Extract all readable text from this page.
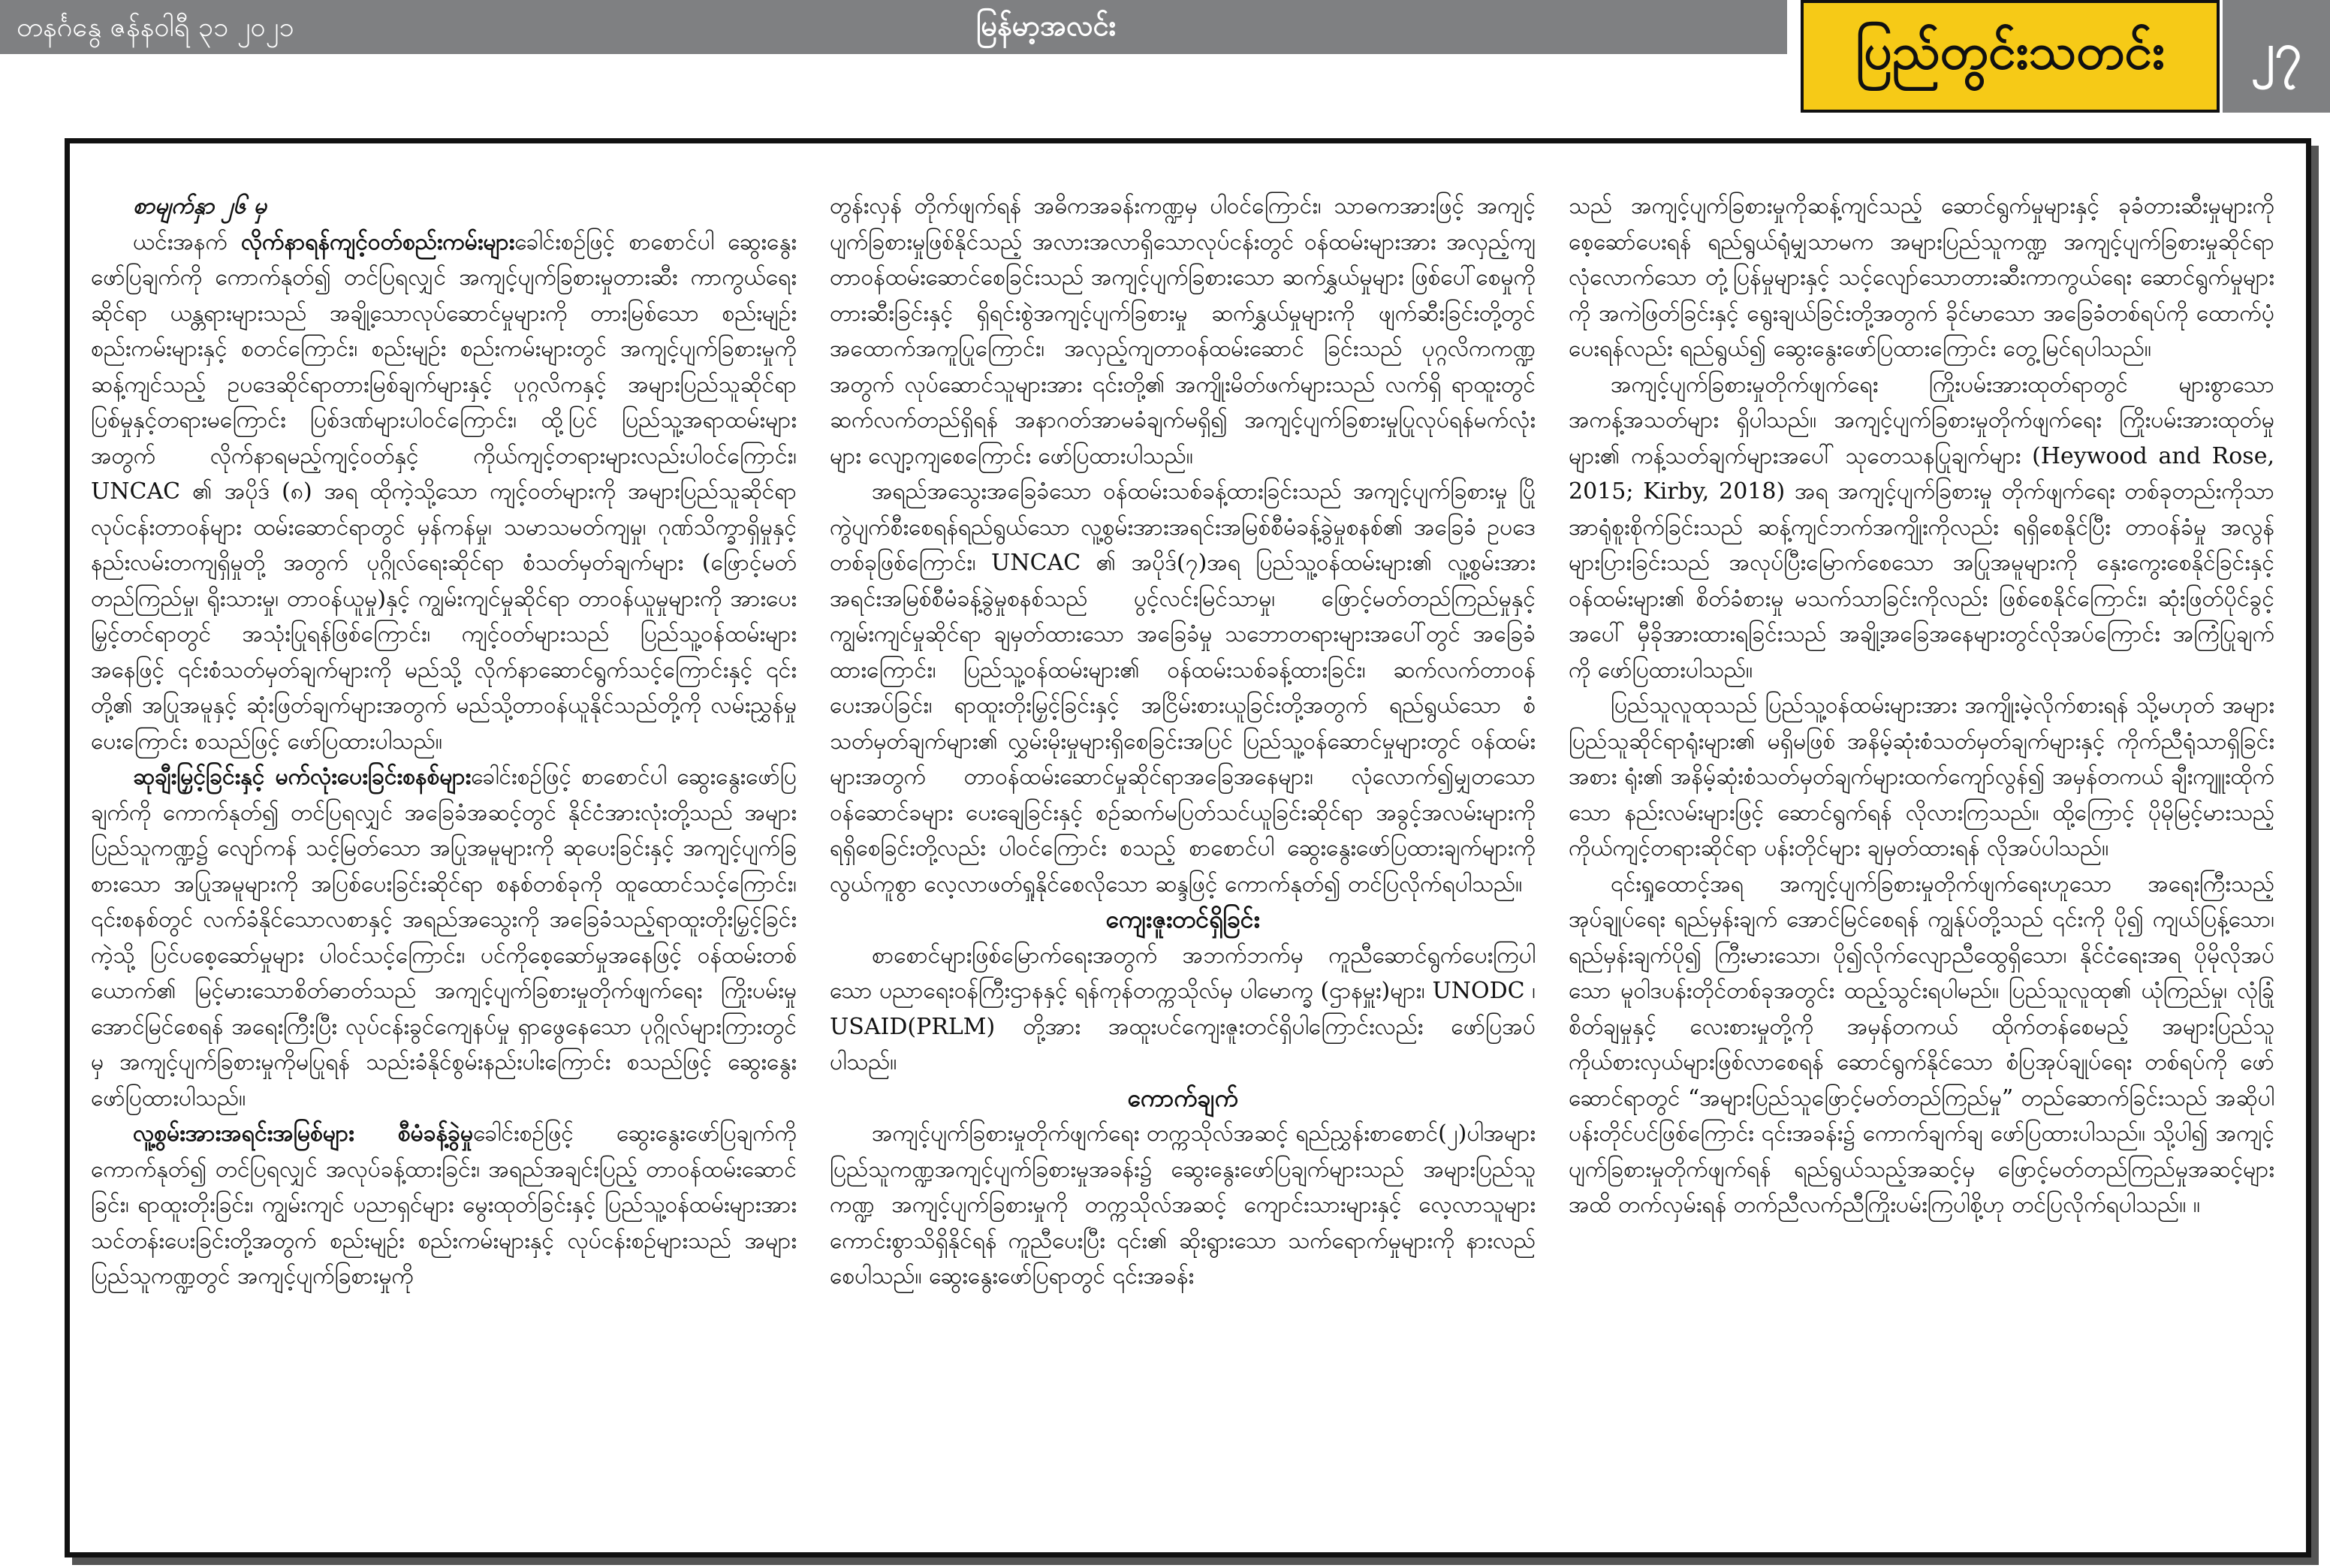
တနင်္ဂနွေ ဇန်နဝါရီ ၃၁ ၂၀၂၁	မြန်မာ့အလင်း	ပြည်တွင်းသတင်း	၂၇

စာမျက်နှာ ၂၆ မှ

ယင်းအနက် လိုက်နာရန်ကျင့်ဝတ်စည်းကမ်းများခေါင်းစဉ်ဖြင့် စာစောင်ပါ ဆွေးနွေးဖော်ပြချက်ကို ကောက်နုတ်၍ တင်ပြရလျှင် အကျင့်ပျက်ခြစားမှုတားဆီး ကာကွယ်ရေးဆိုင်ရာ ယန္တရားများသည် အချို့သောလုပ်ဆောင်မှုများကို တားမြစ်သော စည်းမျဉ်းစည်းကမ်းများနှင့် စတင်ကြောင်း၊ စည်းမျဉ်း စည်းကမ်းများတွင် အကျင့်ပျက်ခြစားမှုကိုဆန့်ကျင်သည့် ဥပဒေဆိုင်ရာတားမြစ်ချက်များနှင့် ပုဂ္ဂလိကနှင့် အများပြည်သူဆိုင်ရာ ပြစ်မှုနှင့်တရားမကြောင်း ပြစ်ဒဏ်များပါဝင်ကြောင်း၊ ထို့ပြင် ပြည်သူ့အရာထမ်းများအတွက် လိုက်နာရမည့်ကျင့်ဝတ်နှင့် ကိုယ်ကျင့်တရားများလည်းပါဝင်ကြောင်း၊ UNCAC ၏ အပိုဒ် (၈) အရ ထိုကဲ့သို့သော ကျင့်ဝတ်များကို အများပြည်သူဆိုင်ရာ လုပ်ငန်းတာဝန်များ ထမ်းဆောင်ရာတွင် မှန်ကန်မှု၊ သမာသမတ်ကျမှု၊ ဂုဏ်သိက္ခာရှိမှုနှင့် နည်းလမ်းတကျရှိမှုတို့ အတွက် ပုဂ္ဂိုလ်ရေးဆိုင်ရာ စံသတ်မှတ်ချက်များ (ဖြောင့်မတ်တည်ကြည်မှု၊ ရိုးသားမှု၊ တာဝန်ယူမှု)နှင့် ကျွမ်းကျင်မှုဆိုင်ရာ တာဝန်ယူမှုများကို အားပေးမြှင့်တင်ရာတွင် အသုံးပြုရန်ဖြစ်ကြောင်း၊ ကျင့်ဝတ်များသည် ပြည်သူ့ဝန်ထမ်းများအနေဖြင့် ၎င်းစံသတ်မှတ်ချက်များကို မည်သို့ လိုက်နာဆောင်ရွက်သင့်ကြောင်းနှင့် ၎င်းတို့၏ အပြုအမူနှင့် ဆုံးဖြတ်ချက်များအတွက် မည်သို့တာဝန်ယူနိုင်သည်တို့ကို လမ်းညွှန်မှုပေးကြောင်း စသည်ဖြင့် ဖော်ပြထားပါသည်။

ဆုချီးမြှင့်ခြင်းနှင့် မက်လုံးပေးခြင်းစနစ်များခေါင်းစဉ်ဖြင့် စာစောင်ပါ ဆွေးနွေးဖော်ပြချက်ကို ကောက်နုတ်၍ တင်ပြရလျှင် အခြေခံအဆင့်တွင် နိုင်ငံအားလုံးတို့သည် အများပြည်သူကဏ္ဍ၌ လျော်ကန် သင့်မြတ်သော အပြုအမူများကို ဆုပေးခြင်းနှင့် အကျင့်ပျက်ခြစားသော အပြုအမူများကို အပြစ်ပေးခြင်းဆိုင်ရာ စနစ်တစ်ခုကို ထူထောင်သင့်ကြောင်း၊ ၎င်းစနစ်တွင် လက်ခံနိုင်သောလစာနှင့် အရည်အသွေးကို အခြေခံသည့်ရာထူးတိုးမြှင့်ခြင်းကဲ့သို့ ပြင်ပစေ့ဆော်မှုများ ပါဝင်သင့်ကြောင်း၊ ပင်ကိုစေ့ဆော်မှုအနေဖြင့် ဝန်ထမ်းတစ်ယောက်၏ မြင့်မားသောစိတ်ဓာတ်သည် အကျင့်ပျက်ခြစားမှုတိုက်ဖျက်ရေး ကြိုးပမ်းမှုအောင်မြင်စေရန် အရေးကြီးပြီး လုပ်ငန်းခွင်ကျေနပ်မှု ရှာဖွေနေသော ပုဂ္ဂိုလ်များကြားတွင်မှ အကျင့်ပျက်ခြစားမှုကိုမပြုရန် သည်းခံနိုင်စွမ်းနည်းပါးကြောင်း စသည်ဖြင့် ဆွေးနွေးဖော်ပြထားပါသည်။

လူ့စွမ်းအားအရင်းအမြစ်များ စီမံခန့်ခွဲမှုခေါင်းစဉ်ဖြင့် ဆွေးနွေးဖော်ပြချက်ကို ကောက်နုတ်၍ တင်ပြရလျှင် အလုပ်ခန့်ထားခြင်း၊ အရည်အချင်းပြည့် တာဝန်ထမ်းဆောင်ခြင်း၊ ရာထူးတိုးခြင်း၊ ကျွမ်းကျင် ပညာရှင်များ မွေးထုတ်ခြင်းနှင့် ပြည်သူ့ဝန်ထမ်းများအား သင်တန်းပေးခြင်းတို့အတွက် စည်းမျဉ်း စည်းကမ်းများနှင့် လုပ်ငန်းစဉ်များသည် အများပြည်သူကဏ္ဍတွင် အကျင့်ပျက်ခြစားမှုကို

တွန်းလှန် တိုက်ဖျက်ရန် အဓိကအခန်းကဏ္ဍမှ ပါဝင်ကြောင်း၊ သာဓကအားဖြင့် အကျင့်ပျက်ခြစားမှုဖြစ်နိုင်သည့် အလားအလာရှိသောလုပ်ငန်းတွင် ဝန်ထမ်းများအား အလှည့်ကျတာဝန်ထမ်းဆောင်စေခြင်းသည် အကျင့်ပျက်ခြစားသော ဆက်နွှယ်မှုများ ဖြစ်ပေါ်စေမှုကို တားဆီးခြင်းနှင့် ရှိရင်းစွဲအကျင့်ပျက်ခြစားမှု ဆက်နွှယ်မှုများကို ဖျက်ဆီးခြင်းတို့တွင် အထောက်အကူပြုကြောင်း၊ အလှည့်ကျတာဝန်ထမ်းဆောင် ခြင်းသည် ပုဂ္ဂလိကကဏ္ဍအတွက် လုပ်ဆောင်သူများအား ၎င်းတို့၏ အကျိုးမိတ်ဖက်များသည် လက်ရှိ ရာထူးတွင် ဆက်လက်တည်ရှိရန် အနာဂတ်အာမခံချက်မရှိ၍ အကျင့်ပျက်ခြစားမှုပြုလုပ်ရန်မက်လုံးများ လျော့ကျစေကြောင်း ဖော်ပြထားပါသည်။

အရည်အသွေးအခြေခံသော ဝန်ထမ်းသစ်ခန့်ထားခြင်းသည် အကျင့်ပျက်ခြစားမှု ပြိုကွဲပျက်စီးစေရန်ရည်ရွယ်သော လူ့စွမ်းအားအရင်းအမြစ်စီမံခန့်ခွဲမှုစနစ်၏ အခြေခံ ဥပဒေတစ်ခုဖြစ်ကြောင်း၊ UNCAC ၏ အပိုဒ်(၇)အရ ပြည်သူ့ဝန်ထမ်းများ၏ လူ့စွမ်းအားအရင်းအမြစ်စီမံခန့်ခွဲမှုစနစ်သည် ပွင့်လင်းမြင်သာမှု၊ ဖြောင့်မတ်တည်ကြည်မှုနှင့် ကျွမ်းကျင်မှုဆိုင်ရာ ချမှတ်ထားသော အခြေခံမှု သဘောတရားများအပေါ်တွင် အခြေခံထားကြောင်း၊ ပြည်သူ့ဝန်ထမ်းများ၏ ဝန်ထမ်းသစ်ခန့်ထားခြင်း၊ ဆက်လက်တာဝန်ပေးအပ်ခြင်း၊ ရာထူးတိုးမြှင့်ခြင်းနှင့် အငြိမ်းစားယူခြင်းတို့အတွက် ရည်ရွယ်သော စံသတ်မှတ်ချက်များ၏ လွှမ်းမိုးမှုများရှိစေခြင်းအပြင် ပြည်သူ့ဝန်ဆောင်မှုများတွင် ဝန်ထမ်းများအတွက် တာဝန်ထမ်းဆောင်မှုဆိုင်ရာအခြေအနေများ၊ လုံလောက်၍မျှတသောဝန်ဆောင်ခများ ပေးချေခြင်းနှင့် စဉ်ဆက်မပြတ်သင်ယူခြင်းဆိုင်ရာ အခွင့်အလမ်းများကို ရရှိစေခြင်းတို့လည်း ပါဝင်ကြောင်း စသည့် စာစောင်ပါ ဆွေးနွေးဖော်ပြထားချက်များကို လွယ်ကူစွာ လေ့လာဖတ်ရှုနိုင်စေလိုသော ဆန္ဒဖြင့် ကောက်နုတ်၍ တင်ပြလိုက်ရပါသည်။

ကျေးဇူးတင်ရှိခြင်း

စာစောင်များဖြစ်မြောက်ရေးအတွက် အဘက်ဘက်မှ ကူညီဆောင်ရွက်ပေးကြပါသော ပညာရေးဝန်ကြီးဌာနနှင့် ရန်ကုန်တက္ကသိုလ်မှ ပါမောက္ခ (ဌာနမှူး)များ၊ UNODC ၊ USAID(PRLM) တို့အား အထူးပင်ကျေးဇူးတင်ရှိပါကြောင်းလည်း ဖော်ပြအပ်ပါသည်။

ကောက်ချက်

အကျင့်ပျက်ခြစားမှုတိုက်ဖျက်ရေး တက္ကသိုလ်အဆင့် ရည်ညွှန်းစာစောင်(၂)ပါအများပြည်သူကဏ္ဍအကျင့်ပျက်ခြစားမှုအခန်း၌ ဆွေးနွေးဖော်ပြချက်များသည် အများပြည်သူကဏ္ဍ အကျင့်ပျက်ခြစားမှုကို တက္ကသိုလ်အဆင့် ကျောင်းသားများနှင့် လေ့လာသူများ ကောင်းစွာသိရှိနိုင်ရန် ကူညီပေးပြီး ၎င်း၏ ဆိုးရွားသော သက်ရောက်မှုများကို နားလည်စေပါသည်။ ဆွေးနွေးဖော်ပြရာတွင် ၎င်းအခန်း

သည် အကျင့်ပျက်ခြစားမှုကိုဆန့်ကျင်သည့် ဆောင်ရွက်မှုများနှင့် ခုခံတားဆီးမှုများကို စေ့ဆော်ပေးရန် ရည်ရွယ်ရုံမျှသာမက အများပြည်သူကဏ္ဍ အကျင့်ပျက်ခြစားမှုဆိုင်ရာ လုံလောက်သော တုံ့ပြန်မှုများနှင့် သင့်လျော်သောတားဆီးကာကွယ်ရေး ဆောင်ရွက်မှုများကို အကဲဖြတ်ခြင်းနှင့် ရွေးချယ်ခြင်းတို့အတွက် ခိုင်မာသော အခြေခံတစ်ရပ်ကို ထောက်ပံ့ပေးရန်လည်း ရည်ရွယ်၍ ဆွေးနွေးဖော်ပြထားကြောင်း တွေ့မြင်ရပါသည်။

အကျင့်ပျက်ခြစားမှုတိုက်ဖျက်ရေး ကြိုးပမ်းအားထုတ်ရာတွင် များစွာသော အကန့်အသတ်များ ရှိပါသည်။ အကျင့်ပျက်ခြစားမှုတိုက်ဖျက်ရေး ကြိုးပမ်းအားထုတ်မှုများ၏ ကန့်သတ်ချက်များအပေါ် သုတေသနပြုချက်များ (Heywood and Rose, 2015; Kirby, 2018) အရ အကျင့်ပျက်ခြစားမှု တိုက်ဖျက်ရေး တစ်ခုတည်းကိုသာ အာရုံစူးစိုက်ခြင်းသည် ဆန့်ကျင်ဘက်အကျိုးကိုလည်း ရရှိစေနိုင်ပြီး တာဝန်ခံမှု အလွန်များပြားခြင်းသည် အလုပ်ပြီးမြောက်စေသော အပြုအမူများကို နှေးကွေးစေနိုင်ခြင်းနှင့် ဝန်ထမ်းများ၏ စိတ်ခံစားမှု မသက်သာခြင်းကိုလည်း ဖြစ်စေနိုင်ကြောင်း၊ ဆုံးဖြတ်ပိုင်ခွင့်အပေါ် မှီခိုအားထားရခြင်းသည် အချို့အခြေအနေများတွင်လိုအပ်ကြောင်း အကြံပြုချက်ကို ဖော်ပြထားပါသည်။

ပြည်သူလူထုသည် ပြည်သူ့ဝန်ထမ်းများအား အကျိုးမဲ့လိုက်စားရန် သို့မဟုတ် အများပြည်သူဆိုင်ရာရုံးများ၏ မရှိမဖြစ် အနိမ့်ဆုံးစံသတ်မှတ်ချက်များနှင့် ကိုက်ညီရုံသာရှိခြင်းအစား ရုံး၏ အနိမ့်ဆုံးစံသတ်မှတ်ချက်များထက်ကျော်လွန်၍ အမှန်တကယ် ချီးကျူးထိုက်သော နည်းလမ်းများဖြင့် ဆောင်ရွက်ရန် လိုလားကြသည်။ ထို့ကြောင့် ပိုမိုမြင့်မားသည့် ကိုယ်ကျင့်တရားဆိုင်ရာ ပန်းတိုင်များ ချမှတ်ထားရန် လိုအပ်ပါသည်။

၎င်းရှုထောင့်အရ အကျင့်ပျက်ခြစားမှုတိုက်ဖျက်ရေးဟူသော အရေးကြီးသည့် အုပ်ချုပ်ရေး ရည်မှန်းချက် အောင်မြင်စေရန် ကျွန်ုပ်တို့သည် ၎င်းကို ပို၍ ကျယ်ပြန့်သော၊ ရည်မှန်းချက်ပို၍ ကြီးမားသော၊ ပို၍လိုက်လျောညီထွေရှိသော၊ နိုင်ငံရေးအရ ပိုမိုလိုအပ်သော မူဝါဒပန်းတိုင်တစ်ခုအတွင်း ထည့်သွင်းရပါမည်။ ပြည်သူလူထု၏ ယုံကြည်မှု၊ လုံခြုံစိတ်ချမှုနှင့် လေးစားမှုတို့ကို အမှန်တကယ် ထိုက်တန်စေမည့် အများပြည်သူကိုယ်စားလှယ်များဖြစ်လာစေရန် ဆောင်ရွက်နိုင်သော စံပြအုပ်ချုပ်ရေး တစ်ရပ်ကို ဖော်ဆောင်ရာတွင် “အများပြည်သူဖြောင့်မတ်တည်ကြည်မှု” တည်ဆောက်ခြင်းသည် အဆိုပါ ပန်းတိုင်ပင်ဖြစ်ကြောင်း ၎င်းအခန်း၌ ကောက်ချက်ချ ဖော်ပြထားပါသည်။ သို့ပါ၍ အကျင့်ပျက်ခြစားမှုတိုက်ဖျက်ရန် ရည်ရွယ်သည့်အဆင့်မှ ဖြောင့်မတ်တည်ကြည်မှုအဆင့်များအထိ တက်လှမ်းရန် တက်ညီလက်ညီကြိုးပမ်းကြပါစို့ဟု တင်ပြလိုက်ရပါသည်။ ။
